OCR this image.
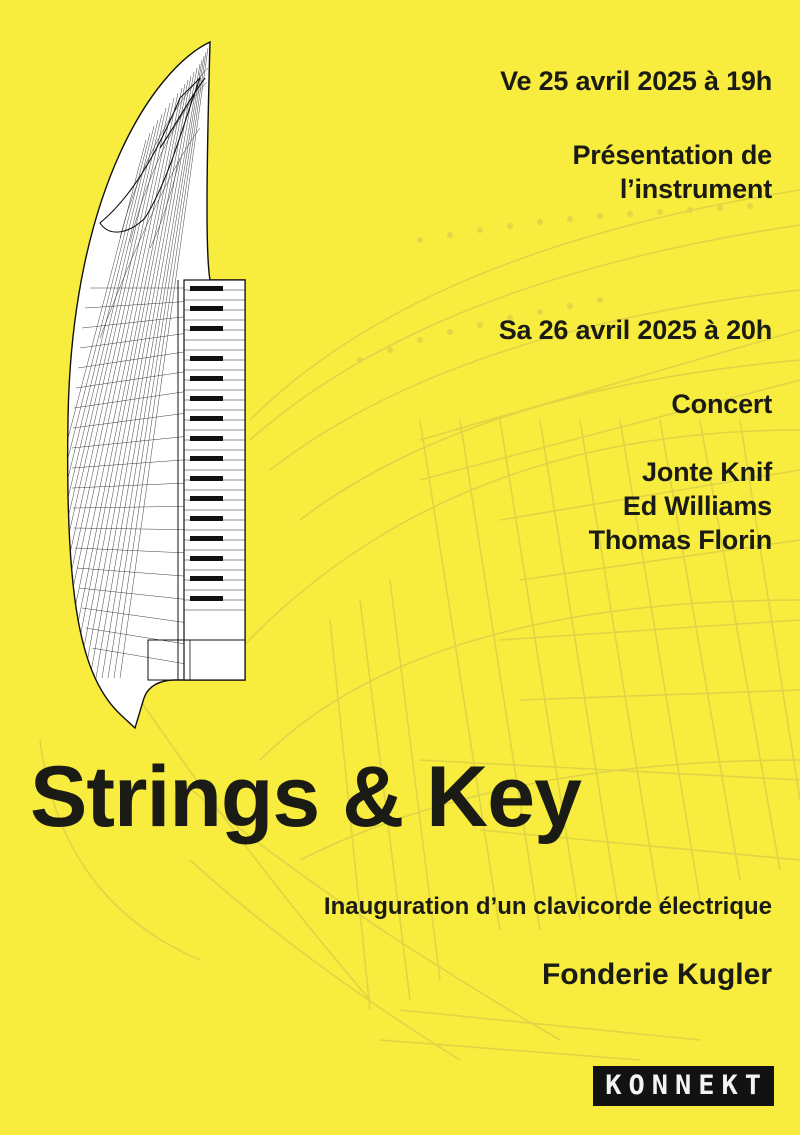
Ve 25 avril 2025 à 19h
Présentation de
l’instrument
Sa 26 avril 2025 à 20h
Concert
Jonte Knif
Ed Williams
Thomas Florin
Strings & Key
Inauguration d’un clavicorde électrique
Fonderie Kugler
KONNEKT
